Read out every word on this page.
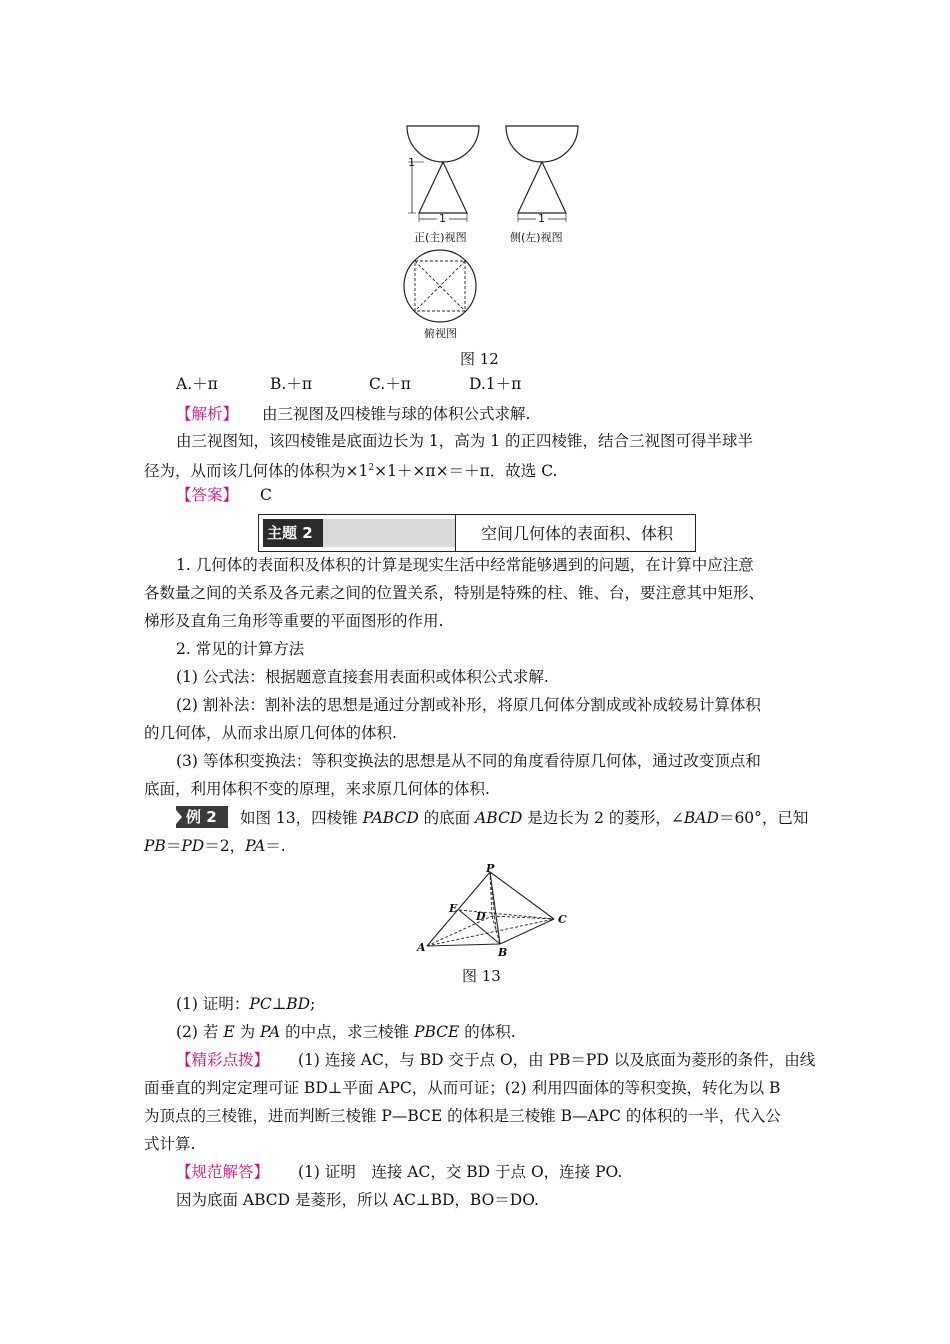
1
1	1
正(主)视图	侧(左)视图
俯视图
图 12
A.＋π	B.＋π	C.＋π	D.1＋π
【解析】 由三视图及四棱锥与球的体积公式求解.
由三视图知，该四棱锥是底面边长为 1，高为 1 的正四棱锥，结合三视图可得半球半
径为，从而该几何体的体积为$\times 1^2\times 1+\times\pi\times=+\pi$．故选 C.
【答案】 C
主题 2	空间几何体的表面积、体积
1. 几何体的表面积及体积的计算是现实生活中经常能够遇到的问题，在计算中应注意
各数量之间的关系及各元素之间的位置关系，特别是特殊的柱、锥、台，要注意其中矩形、
梯形及直角三角形等重要的平面图形的作用.
2. 常见的计算方法
(1) 公式法：根据题意直接套用表面积或体积公式求解.
(2) 割补法：割补法的思想是通过分割或补形，将原几何体分割成或补成较易计算体积
的几何体，从而求出原几何体的体积.
(3) 等体积变换法：等积变换法的思想是从不同的角度看待原几何体，通过改变顶点和
底面，利用体积不变的原理，来求原几何体的体积.
例 2	如图 13，四棱锥 PABCD 的底面 ABCD 是边长为 2 的菱形，∠BAD＝60°，已知
PB＝PD＝2，PA＝.
P
E
D	C
A	B
图 13
(1) 证明：PC⊥BD;
(2) 若 E 为 PA 的中点，求三棱锥 PBCE 的体积.
【精彩点拨】 (1) 连接 AC，与 BD 交于点 O，由 PB＝PD 以及底面为菱形的条件，由线
面垂直的判定定理可证 BD⊥平面 APC，从而可证；(2) 利用四面体的等积变换，转化为以 B
为顶点的三棱锥，进而判断三棱锥 P—BCE 的体积是三棱锥 B—APC 的体积的一半，代入公
式计算.
【规范解答】 (1) 证明　连接 AC，交 BD 于点 O，连接 PO.
因为底面 ABCD 是菱形，所以 AC⊥BD，BO＝DO.
